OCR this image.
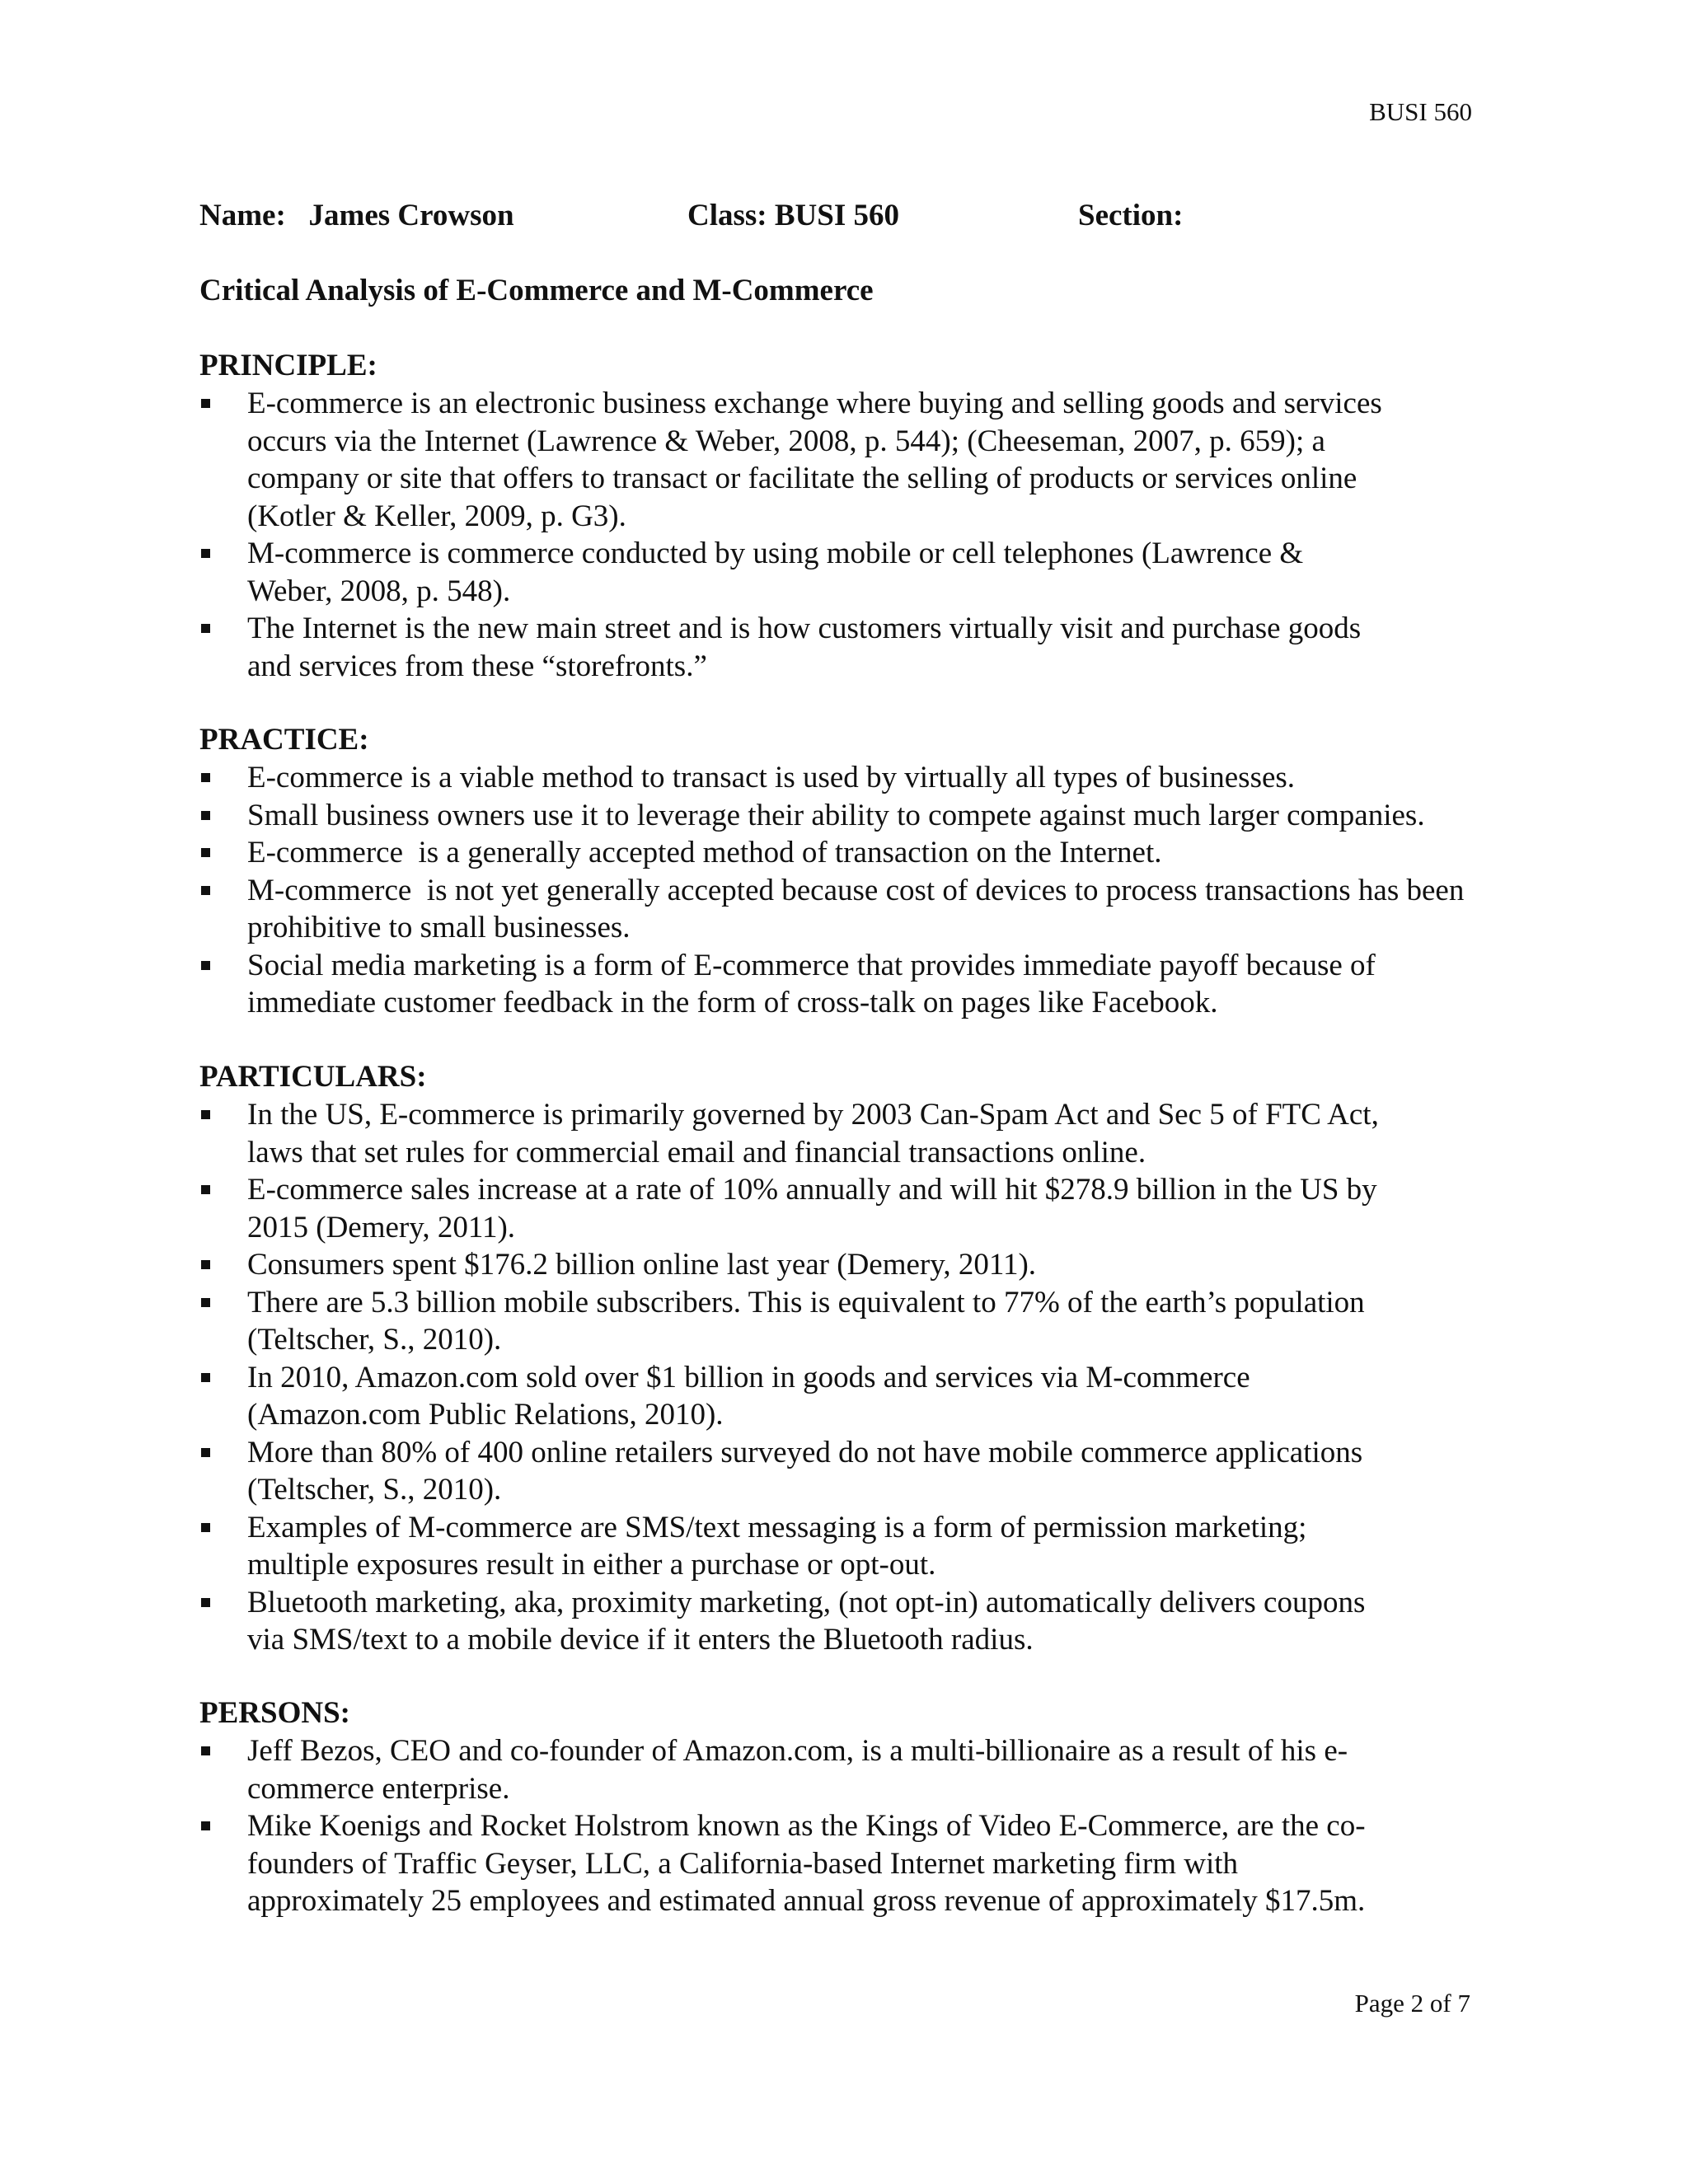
BUSI 560
Name:   James Crowson	Class: BUSI 560	Section:
Critical Analysis of E-Commerce and M-Commerce
PRINCIPLE:
E-commerce is an electronic business exchange where buying and selling goods and services
occurs via the Internet (Lawrence & Weber, 2008, p. 544); (Cheeseman, 2007, p. 659); a
company or site that offers to transact or facilitate the selling of products or services online
(Kotler & Keller, 2009, p. G3).
M-commerce is commerce conducted by using mobile or cell telephones (Lawrence &
Weber, 2008, p. 548).
The Internet is the new main street and is how customers virtually visit and purchase goods
and services from these “storefronts.”
PRACTICE:
E-commerce is a viable method to transact is used by virtually all types of businesses.
Small business owners use it to leverage their ability to compete against much larger companies.
E-commerce  is a generally accepted method of transaction on the Internet.
M-commerce  is not yet generally accepted because cost of devices to process transactions has been
prohibitive to small businesses.
Social media marketing is a form of E-commerce that provides immediate payoff because of
immediate customer feedback in the form of cross-talk on pages like Facebook.
PARTICULARS:
In the US, E-commerce is primarily governed by 2003 Can-Spam Act and Sec 5 of FTC Act,
laws that set rules for commercial email and financial transactions online.
E-commerce sales increase at a rate of 10% annually and will hit $278.9 billion in the US by
2015 (Demery, 2011).
Consumers spent $176.2 billion online last year (Demery, 2011).
There are 5.3 billion mobile subscribers. This is equivalent to 77% of the earth’s population
(Teltscher, S., 2010).
In 2010, Amazon.com sold over $1 billion in goods and services via M-commerce
(Amazon.com Public Relations, 2010).
More than 80% of 400 online retailers surveyed do not have mobile commerce applications
(Teltscher, S., 2010).
Examples of M-commerce are SMS/text messaging is a form of permission marketing;
multiple exposures result in either a purchase or opt-out.
Bluetooth marketing, aka, proximity marketing, (not opt-in) automatically delivers coupons
via SMS/text to a mobile device if it enters the Bluetooth radius.
PERSONS:
Jeff Bezos, CEO and co-founder of Amazon.com, is a multi-billionaire as a result of his e-
commerce enterprise.
Mike Koenigs and Rocket Holstrom known as the Kings of Video E-Commerce, are the co-
founders of Traffic Geyser, LLC, a California-based Internet marketing firm with
approximately 25 employees and estimated annual gross revenue of approximately $17.5m.
Page 2 of 7
